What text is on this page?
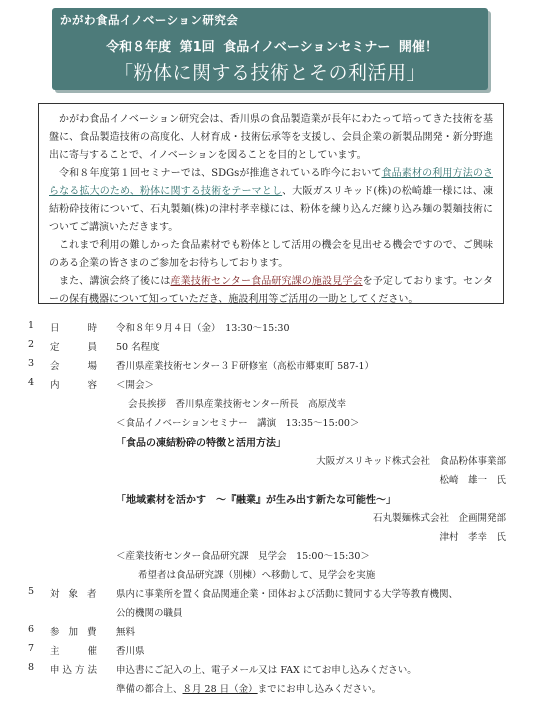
かがわ食品イノベーション研究会
令和８年度 第1回 食品イノベーションセミナー 開催！
「粉体に関する技術とその利活用」

かがわ食品イノベーション研究会は、香川県の食品製造業が長年にわたって培ってきた技術を基盤に、食品製造技術の高度化、人材育成・技術伝承等を支援し、会員企業の新製品開発・新分野進出に寄与することで、イノベーションを図ることを目的としています。

令和８年度第１回セミナーでは、SDGsが推進されている昨今において食品素材の利用方法のさらなる拡大のため、粉体に関する技術をテーマとし、大阪ガスリキッド(株)の松崎雄一様には、凍結粉砕技術について、石丸製麺(株)の津村孝幸様には、粉体を練り込んだ練り込み麺の製麺技術についてご講演いただきます。

これまで利用の難しかった食品素材でも粉体として活用の機会を見出せる機会ですので、ご興味のある企業の皆さまのご参加をお待ちしております。

また、講演会終了後には産業技術センター食品研究課の施設見学会を予定しております。センターの保有機器について知っていただき、施設利用等ご活用の一助としてください。

1	日　　時	令和８年９月４日（金）　13:30～15:30
2	定　　員	50 名程度
3	会　　場	香川県産業技術センター３Ｆ研修室（高松市郷東町 587-1）
4	内　　容	＜開会＞
会長挨拶　香川県産業技術センター所長　高原茂幸
＜食品イノベーションセミナー　講演　13:35～15:00＞
「食品の凍結粉砕の特徴と活用方法」
大阪ガスリキッド株式会社　食品粉体事業部
松崎　雄一　氏
「地域素材を活かす　～『融業』が生み出す新たな可能性～」
石丸製麺株式会社　企画開発部
津村　孝幸　氏
＜産業技術センター食品研究課　見学会　15:00～15:30＞
希望者は食品研究課（別棟）へ移動して、見学会を実施
5	対 象 者	県内に事業所を置く食品関連企業・団体および活動に賛同する大学等教育機関、
公的機関の職員
6	参 加 費	無料
7	主　　催	香川県
8	申込方法	申込書にご記入の上、電子メール又は FAX にてお申し込みください。
準備の都合上、８月 28 日（金）までにお申し込みください。
